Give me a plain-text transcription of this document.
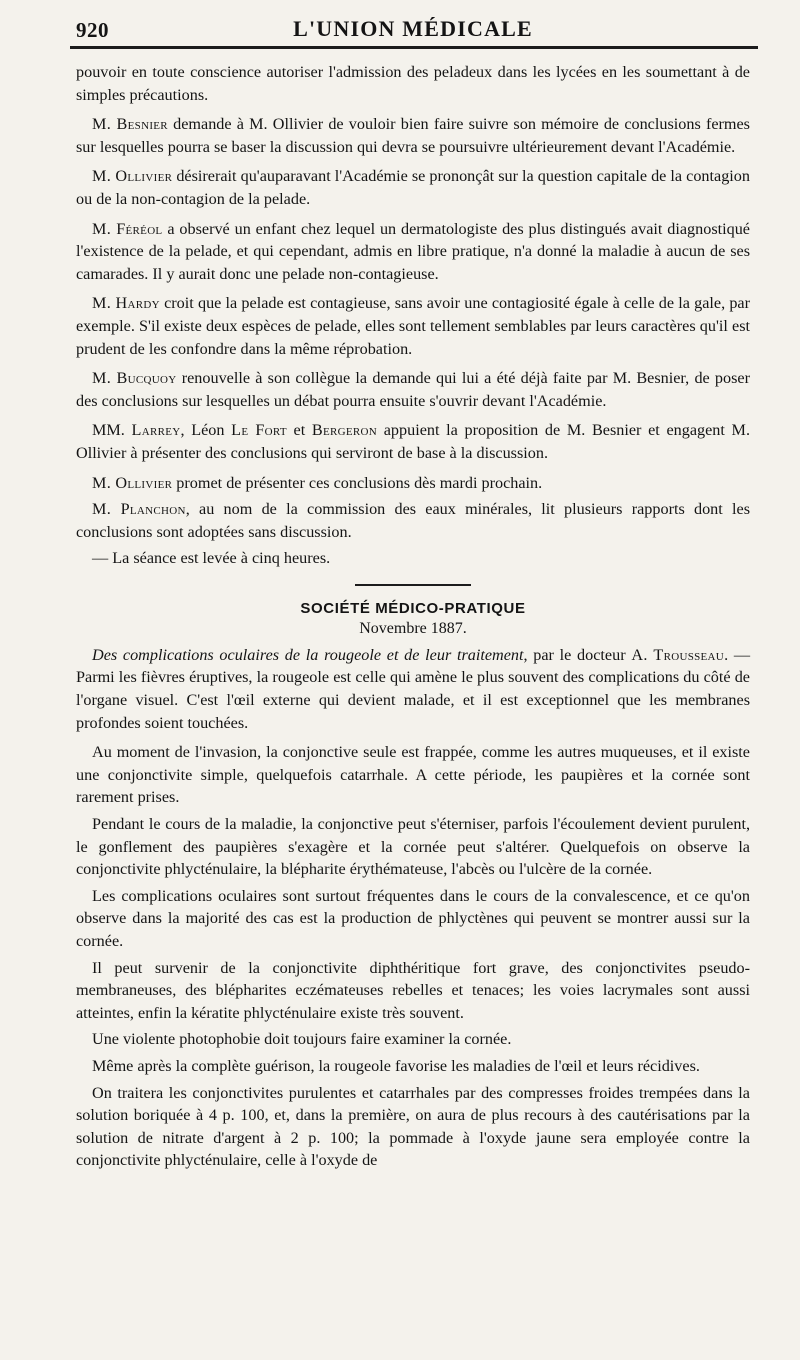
920	L'UNION MÉDICALE

pouvoir en toute conscience autoriser l'admission des peladeux dans les lycées en les soumettant à de simples précautions.

M. Besnier demande à M. Ollivier de vouloir bien faire suivre son mémoire de conclusions fermes sur lesquelles pourra se baser la discussion qui devra se poursuivre ultérieurement devant l'Académie.

M. Ollivier désirerait qu'auparavant l'Académie se prononçât sur la question capitale de la contagion ou de la non-contagion de la pelade.

M. Féréol a observé un enfant chez lequel un dermatologiste des plus distingués avait diagnostiqué l'existence de la pelade, et qui cependant, admis en libre pratique, n'a donné la maladie à aucun de ses camarades. Il y aurait donc une pelade non-contagieuse.

M. Hardy croit que la pelade est contagieuse, sans avoir une contagiosité égale à celle de la gale, par exemple. S'il existe deux espèces de pelade, elles sont tellement semblables par leurs caractères qu'il est prudent de les confondre dans la même réprobation.

M. Bucquoy renouvelle à son collègue la demande qui lui a été déjà faite par M. Besnier, de poser des conclusions sur lesquelles un débat pourra ensuite s'ouvrir devant l'Académie.

MM. Larrey, Léon Le Fort et Bergeron appuient la proposition de M. Besnier et engagent M. Ollivier à présenter des conclusions qui serviront de base à la discussion.

M. Ollivier promet de présenter ces conclusions dès mardi prochain.

M. Planchon, au nom de la commission des eaux minérales, lit plusieurs rapports dont les conclusions sont adoptées sans discussion.

— La séance est levée à cinq heures.

SOCIÉTÉ MÉDICO-PRATIQUE
Novembre 1887.

Des complications oculaires de la rougeole et de leur traitement, par le docteur A. Trousseau. — Parmi les fièvres éruptives, la rougeole est celle qui amène le plus souvent des complications du côté de l'organe visuel. C'est l'œil externe qui devient malade, et il est exceptionnel que les membranes profondes soient touchées.

Au moment de l'invasion, la conjonctive seule est frappée, comme les autres muqueuses, et il existe une conjonctivite simple, quelquefois catarrhale. A cette période, les paupières et la cornée sont rarement prises.

Pendant le cours de la maladie, la conjonctive peut s'éterniser, parfois l'écoulement devient purulent, le gonflement des paupières s'exagère et la cornée peut s'altérer. Quelquefois on observe la conjonctivite phlycténulaire, la blépharite érythémateuse, l'abcès ou l'ulcère de la cornée.

Les complications oculaires sont surtout fréquentes dans le cours de la convalescence, et ce qu'on observe dans la majorité des cas est la production de phlyctènes qui peuvent se montrer aussi sur la cornée.

Il peut survenir de la conjonctivite diphthéritique fort grave, des conjonctivites pseudo-membraneuses, des blépharites eczémateuses rebelles et tenaces; les voies lacrymales sont aussi atteintes, enfin la kératite phlycténulaire existe très souvent.

Une violente photophobie doit toujours faire examiner la cornée.

Même après la complète guérison, la rougeole favorise les maladies de l'œil et leurs récidives.

On traitera les conjonctivites purulentes et catarrhales par des compresses froides trempées dans la solution boriquée à 4 p. 100, et, dans la première, on aura de plus recours à des cautérisations par la solution de nitrate d'argent à 2 p. 100; la pommade à l'oxyde jaune sera employée contre la conjonctivite phlycténulaire, celle à l'oxyde de
